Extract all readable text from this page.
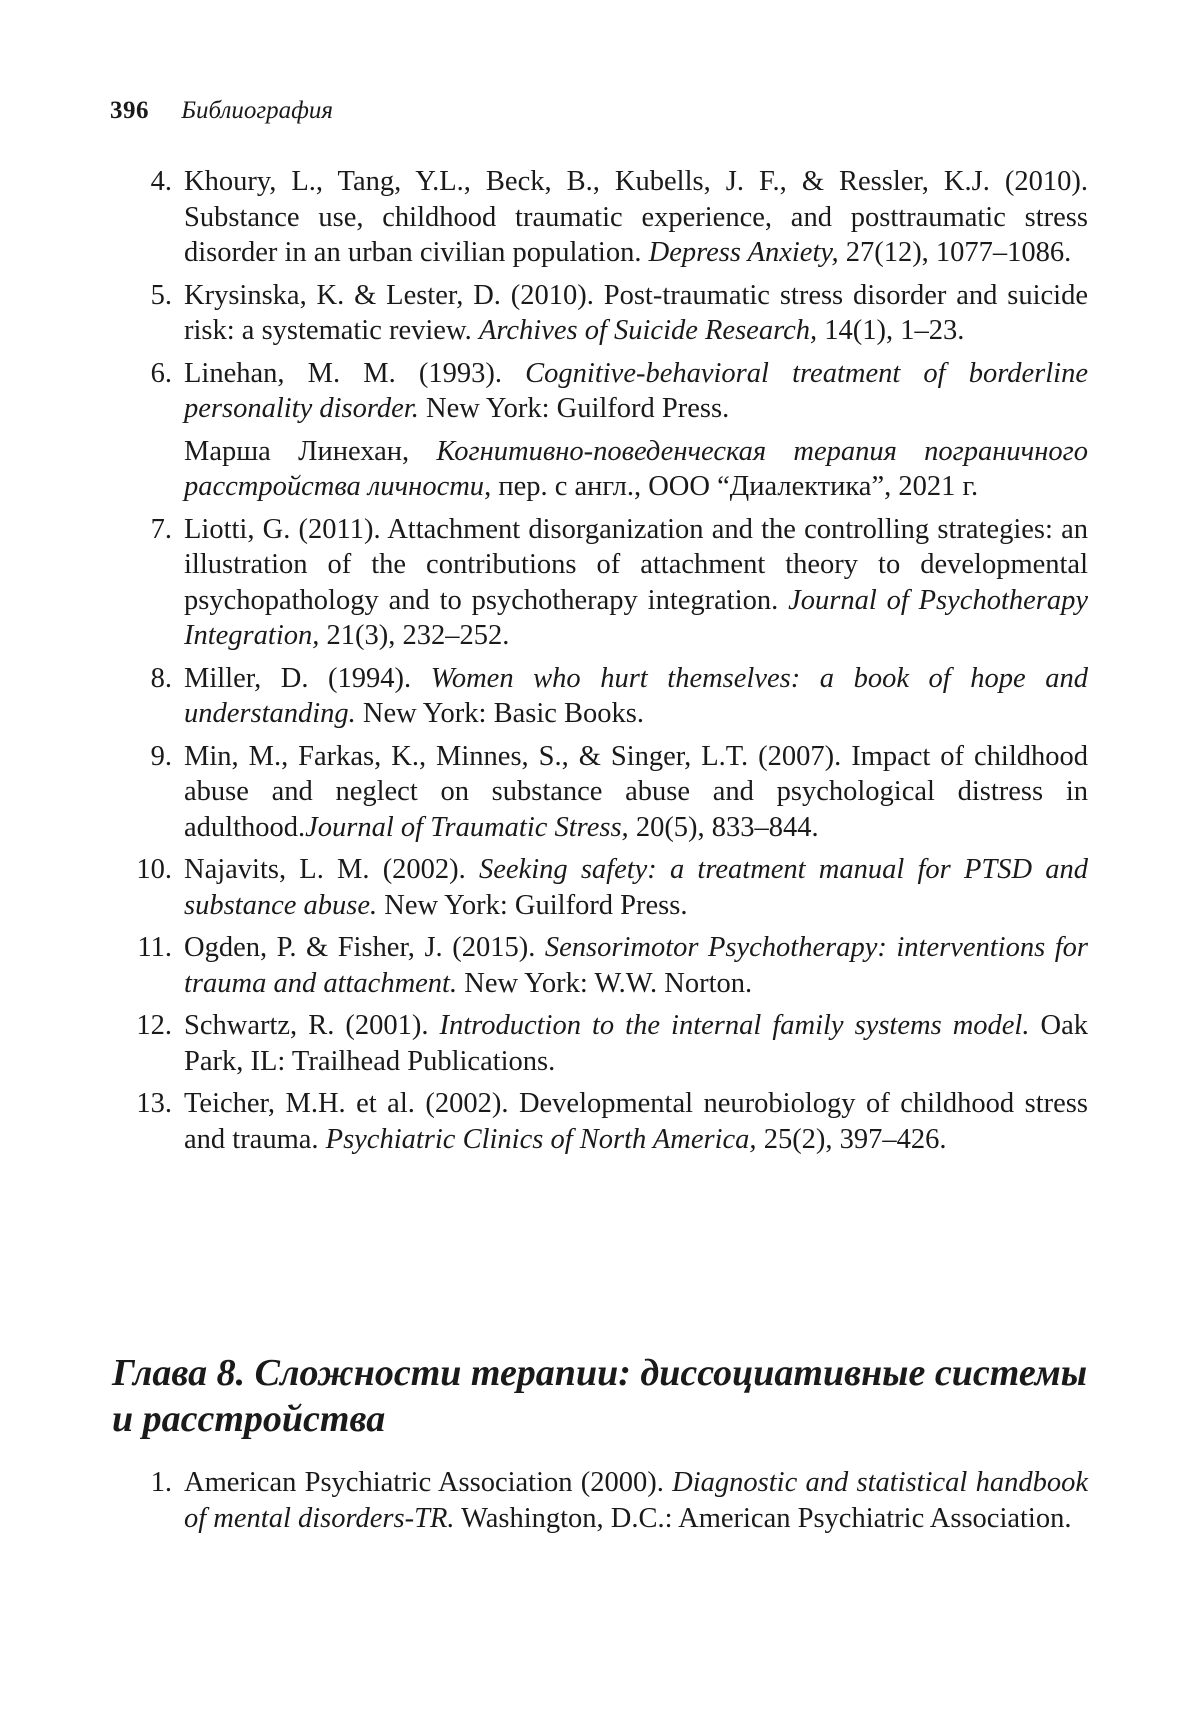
396 Библиография
4. Khoury, L., Tang, Y.L., Beck, B., Kubells, J. F., & Ressler, K.J. (2010). Substance use, childhood traumatic experience, and posttraumatic stress disorder in an urban civilian population. Depress Anxiety, 27(12), 1077–1086.
5. Krysinska, K. & Lester, D. (2010). Post-traumatic stress disorder and suicide risk: a systematic review. Archives of Suicide Research, 14(1), 1–23.
6. Linehan, M. M. (1993). Cognitive-behavioral treatment of borderline personality disorder. New York: Guilford Press.
Марша Линехан, Когнитивно-поведенческая терапия пограничного расстройства личности, пер. с англ., ООО “Диалектика”, 2021 г.
7. Liotti, G. (2011). Attachment disorganization and the controlling strategies: an illustration of the contributions of attachment theory to developmental psychopathology and to psychotherapy integration. Journal of Psychotherapy Integration, 21(3), 232–252.
8. Miller, D. (1994). Women who hurt themselves: a book of hope and understanding. New York: Basic Books.
9. Min, M., Farkas, K., Minnes, S., & Singer, L.T. (2007). Impact of childhood abuse and neglect on substance abuse and psychological distress in adulthood.Journal of Traumatic Stress, 20(5), 833–844.
10. Najavits, L. M. (2002). Seeking safety: a treatment manual for PTSD and substance abuse. New York: Guilford Press.
11. Ogden, P. & Fisher, J. (2015). Sensorimotor Psychotherapy: interventions for trauma and attachment. New York: W.W. Norton.
12. Schwartz, R. (2001). Introduction to the internal family systems model. Oak Park, IL: Trailhead Publications.
13. Teicher, M.H. et al. (2002). Developmental neurobiology of childhood stress and trauma. Psychiatric Clinics of North America, 25(2), 397–426.
Глава 8. Сложности терапии: диссоциативные системы и расстройства
1. American Psychiatric Association (2000). Diagnostic and statistical handbook of mental disorders-TR. Washington, D.C.: American Psychiatric Association.
